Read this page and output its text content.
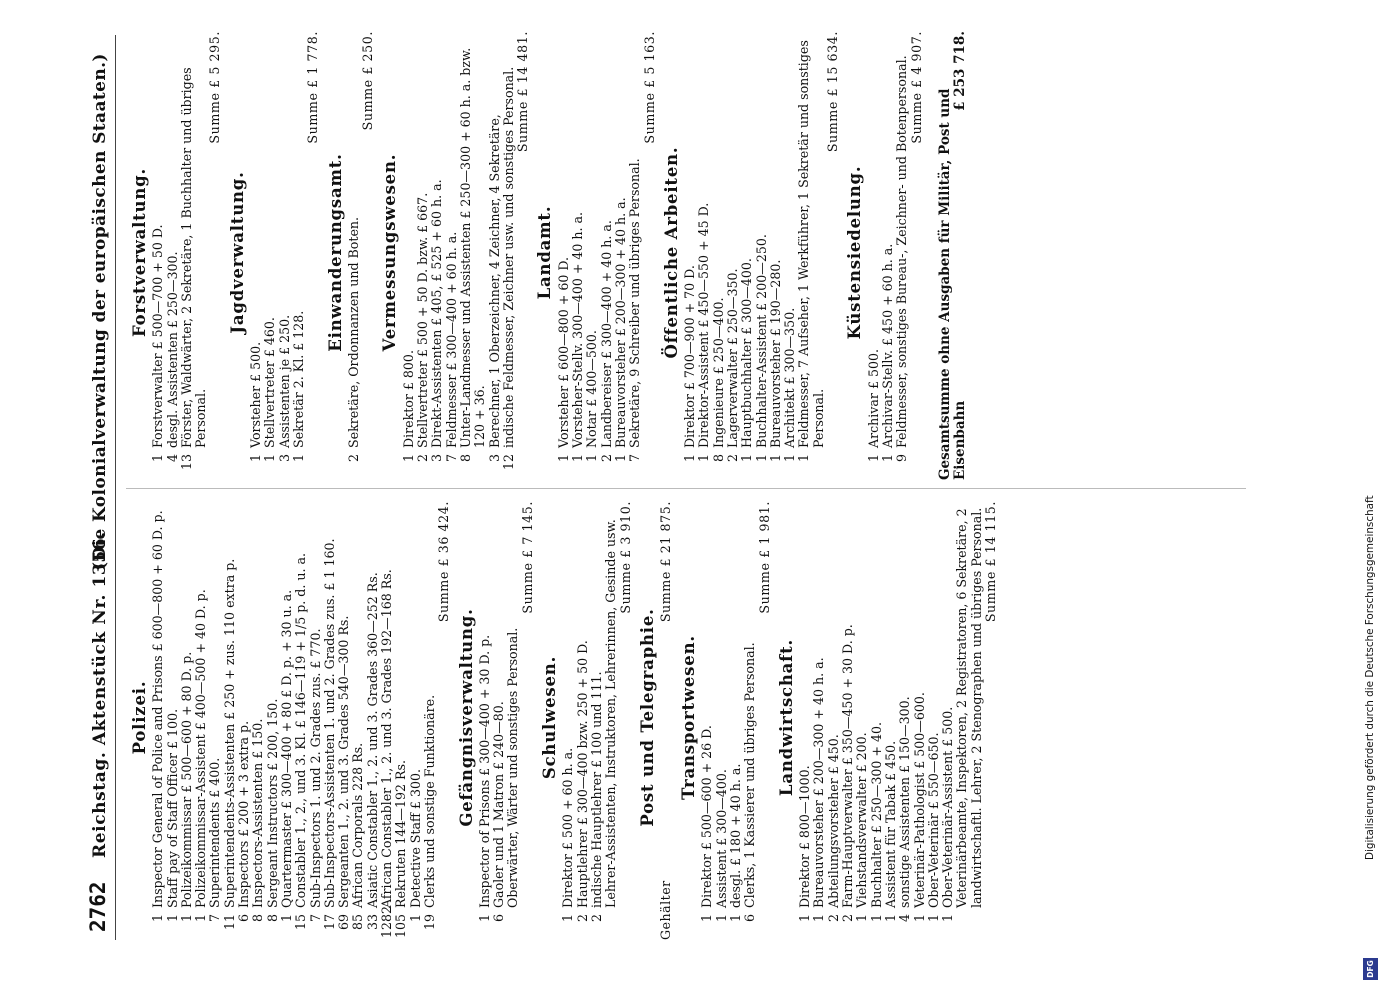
2762
Reichstag. Aktenstück Nr. 1356.
(Die Kolonialverwaltung der europäischen Staaten.)
Polizei.
1
Inspector General of Police and Prisons £ 600—800 + 60 D. p.
1
Staff pay of Staff Officer £ 100.
1
Polizeikommissar £ 500—600 + 80 D. p.
1
Polizeikommissar-Assistent £ 400—500 + 40 D. p.
7
Superintendents £ 400.
11
Superintendents-Assistenten £ 250 + zus. 110 extra p.
6
Inspectors £ 200 + 3 extra p.
8
Inspectors-Assistenten £ 150.
8
Sergeant Instructors £ 200, 150.
1
Quartermaster £ 300—400 + 80 £ D. p. + 30 u. a.
15
Constabler 1., 2., und 3. Kl. £ 146—119 + 1/5 p. d. u. a.
7
Sub-Inspectors 1. und 2. Grades zus. £ 770.
17
Sub-Inspectors-Assistenten 1. und 2. Grades zus. £ 1 160.
69
Sergeanten 1., 2. und 3. Grades 540—300 Rs.
85
African Corporals 228 Rs.
33
Asiatic Constabler 1., 2. und 3. Grades 360—252 Rs.
1282
African Constabler 1., 2. und 3. Grades 192—168 Rs.
105
Rekruten 144—192 Rs.
1
Detective Staff £ 300.
19
Clerks und sonstige Funktionäre.
Summe £ 36 424.
Gefängnisverwaltung.
1
Inspector of Prisons £ 300—400 + 30 D. p.
6
Gaoler und 1 Matron £ 240—80. Oberwärter, Wärter und sonstiges Personal.
Summe £ 7 145.
Schulwesen.
1
Direktor £ 500 + 60 h. a.
2
Hauptlehrer £ 300—400 bzw. 250 + 50 D.
2
indische Hauptlehrer £ 100 und 111. Lehrer-Assistenten, Instruktoren, Lehrerinnen, Gesinde usw. Summe £ 3 910.
Post und Telegraphie.
Gehälter
Summe £ 21 875.
Transportwesen.
1
Direktor £ 500—600 + 26 D.
1
Assistent £ 300—400.
1
desgl. £ 180 + 40 h. a.
6
Clerks, 1 Kassierer und übriges Personal.
Summe £ 1 981.
Landwirtschaft.
1
Direktor £ 800—1000.
1
Bureauvorsteher £ 200—300 + 40 h. a.
2
Abteilungsvorsteher £ 450.
2
Farm-Hauptverwalter £ 350—450 + 30 D. p.
1
Viehstandsverwalter £ 200.
1
Buchhalter £ 250—300 + 40.
1
Assistent für Tabak £ 450.
4
sonstige Assistenten £ 150—300.
1
Veterinär-Pathologist £ 500—600.
1
Ober-Veterinär £ 550—650.
1
Ober-Veterinär-Assistent £ 500. Veterinärbeamte, Inspektoren, 2 Registratoren, 6 Sekretäre, 2 landwirtschaftl. Lehrer, 2 Stenographen und übriges Personal. Summe £ 14 115.
Forstverwaltung.
1
Forstverwalter £ 500—700 + 50 D.
4
desgl. Assistenten £ 250—300.
13
Förster, Waldwärter, 2 Sekretäre, 1 Buchhalter und übriges Personal.
Summe £ 5 295.
Jagdverwaltung.
1
Vorsteher £ 500.
1
Stellvertreter £ 460.
3
Assistenten je £ 250.
1
Sekretär 2. Kl. £ 128.
Summe £ 1 778.
Einwanderungsamt.
2
Sekretäre, Ordonnanzen und Boten.
Summe £ 250.
Vermessungswesen.
1
Direktor £ 800.
2
Stellvertreter £ 500 + 50 D. bzw. £ 667.
3
Direkt-Assistenten £ 405, £ 525 + 60 h. a.
7
Feldmesser £ 300—400 + 60 h. a.
8
Unter-Landmesser und Assistenten £ 250—300 + 60 h. a. bzw. 120 + 36.
3
Berechner, 1 Oberzeichner, 4 Zeichner, 4 Sekretäre,
12
indische Feldmesser, Zeichner usw. und sonstiges Personal. Summe £ 14 481.
Landamt.
1
Vorsteher £ 600—800 + 60 D.
1
Vorsteher-Stellv. 300—400 + 40 h. a.
1
Notar £ 400—500.
2
Landbereiser £ 300—400 + 40 h. a.
1
Bureauvorsteher £ 200—300 + 40 h. a.
7
Sekretäre, 9 Schreiber und übriges Personal.
Summe £ 5 163.
Öffentliche Arbeiten.
1
Direktor £ 700—900 + 70 D.
1
Direktor-Assistent £ 450—550 + 45 D.
8
Ingenieure £ 250—400.
2
Lagerverwalter £ 250—350.
1
Hauptbuchhalter £ 300—400.
1
Buchhalter-Assistent £ 200—250.
1
Bureauvorsteher £ 190—280.
1
Architekt £ 300—350.
1
Feldmesser, 7 Aufseher, 1 Werkführer, 1 Sekretär und sonstiges Personal.
Summe £ 15 634.
Küstensiedelung.
1
Archivar £ 500.
1
Archivar-Stellv. £ 450 + 60 h. a.
9
Feldmesser, sonstiges Bureau-, Zeichner- und Botenpersonal. Summe £ 4 907.
Gesamtsumme ohne Ausgaben für Militär, Post und Eisenbahn
£ 253 718.
DFG
Digitalisierung gefördert durch die Deutsche Forschungsgemeinschaft
